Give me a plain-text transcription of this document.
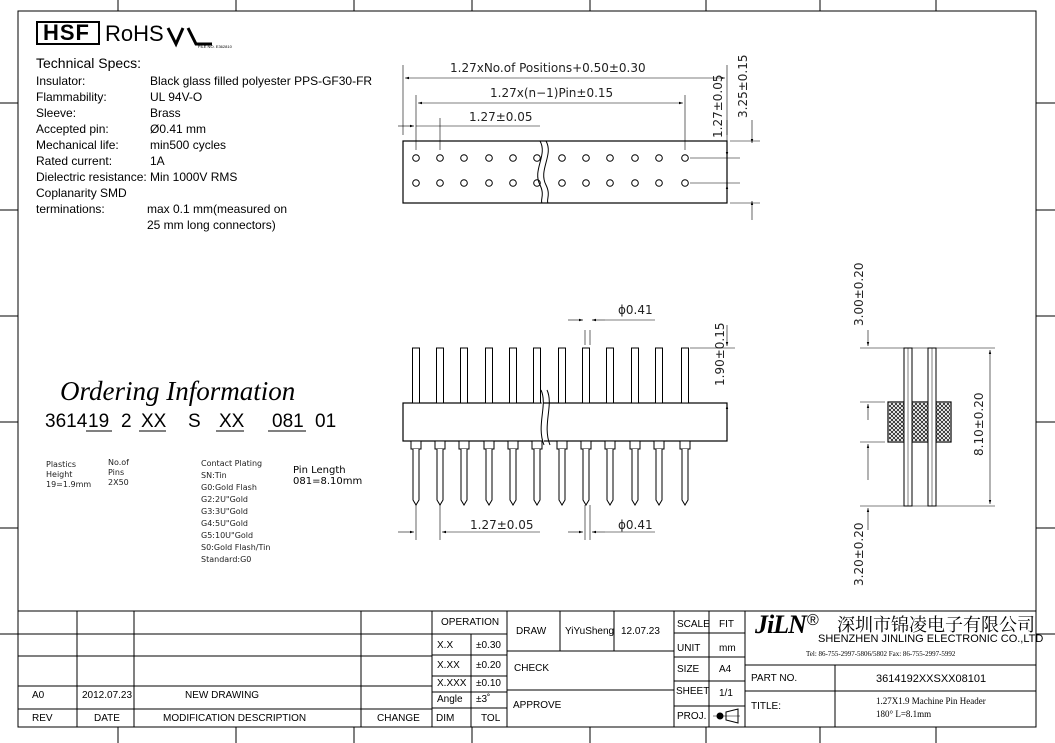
HSF RoHS
FILE NO. E362810
Technical Specs:
Insulator:	Black glass filled polyester PPS-GF30-FR
Flammability:	UL 94V-O
Sleeve:	Brass
Accepted pin:	Ø0.41 mm
Mechanical life:	min500 cycles
Rated current:	1A
Dielectric resistance: Min 1000V RMS
Coplanarity SMD
terminations:	max 0.1 mm(measured on
25 mm long connectors)
1.27xNo.of Positions+0.50±0.30
1.27x(n−1)Pin±0.15
1.27±0.05	1.27±0.05 3.25±0.15
ϕ0.41
1.90±0.15
1.27±0.05	ϕ0.41
3.00±0.20
8.10±0.20
3.20±0.20
Ordering Information
3614 19 2 XX S XX 081 01
Plastics
Height
19=1.9mm
No.of
Pins
2X50
Contact Plating
SN:Tin
G0:Gold Flash
G2:2U"Gold
G3:3U"Gold
G4:5U"Gold
G5:10U"Gold
S0:Gold Flash/Tin
Standard:G0
Pin Length
081=8.10mm
OPERATION
X.X ±0.30
X.XX ±0.20
X.XXX ±0.10
Angle ±3˚
DIM	TOL
DRAW YiYuSheng 12.07.23
CHECK
APPROVE
SCALE FIT
UNIT mm
SIZE A4
SHEET 1/1
PROJ.
JiLN ® 深圳市锦凌电子有限公司
SHENZHEN JINLING ELECTRONIC CO.,LTD
Tel: 86-755-2997-5806/5802 Fax: 86-755-2997-5992
PART NO.	3614192XXSXX08101
TITLE:	1.27X1.9 Machine Pin Header
180° L=8.1mm
A0	2012.07.23	NEW DRAWING
REV	DATE	MODIFICATION DESCRIPTION	CHANGE
